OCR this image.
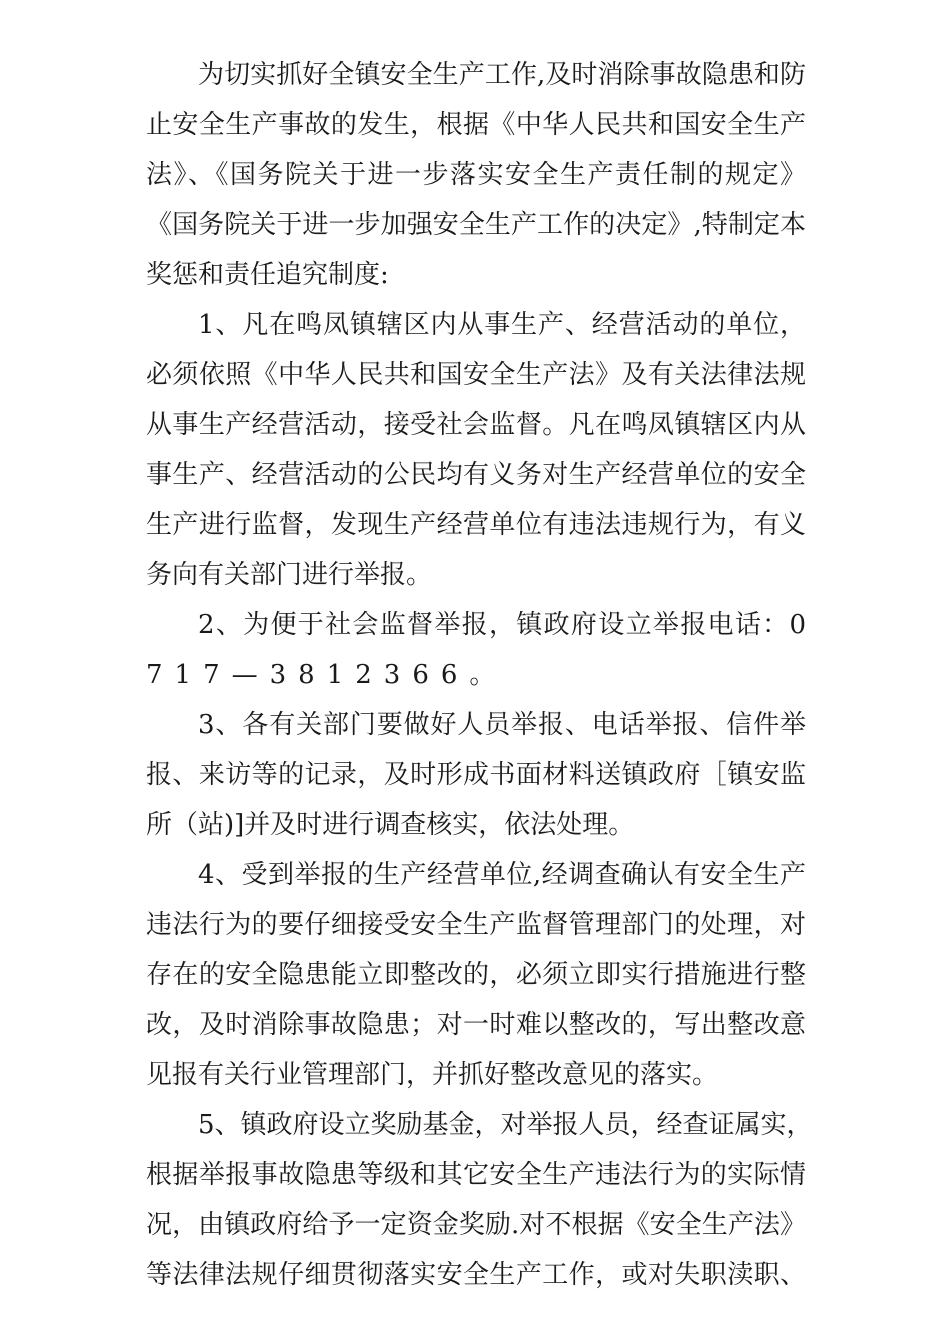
为切实抓好全镇安全生产工作,及时消除事故隐患和防
止安全生产事故的发生，根据《中华人民共和国安全生产
法》、《国务院关于进一步落实安全生产责任制的规定》
《国务院关于进一步加强安全生产工作的决定》,特制定本
奖惩和责任追究制度:
1、凡在鸣凤镇辖区内从事生产、经营活动的单位，
必须依照《中华人民共和国安全生产法》及有关法律法规
从事生产经营活动，接受社会监督。凡在鸣凤镇辖区内从
事生产、经营活动的公民均有义务对生产经营单位的安全
生产进行监督，发现生产经营单位有违法违规行为，有义
务向有关部门进行举报。
2、为便于社会监督举报，镇政府设立举报电话：0
717—3812366。
3、各有关部门要做好人员举报、电话举报、信件举
报、来访等的记录，及时形成书面材料送镇政府［镇安监
所（站)]并及时进行调查核实，依法处理。
4、受到举报的生产经营单位,经调查确认有安全生产
违法行为的要仔细接受安全生产监督管理部门的处理，对
存在的安全隐患能立即整改的，必须立即实行措施进行整
改，及时消除事故隐患；对一时难以整改的，写出整改意
见报有关行业管理部门，并抓好整改意见的落实。
5、镇政府设立奖励基金，对举报人员，经查证属实，
根据举报事故隐患等级和其它安全生产违法行为的实际情
况，由镇政府给予一定资金奖励.对不根据《安全生产法》
等法律法规仔细贯彻落实安全生产工作，或对失职渎职、
